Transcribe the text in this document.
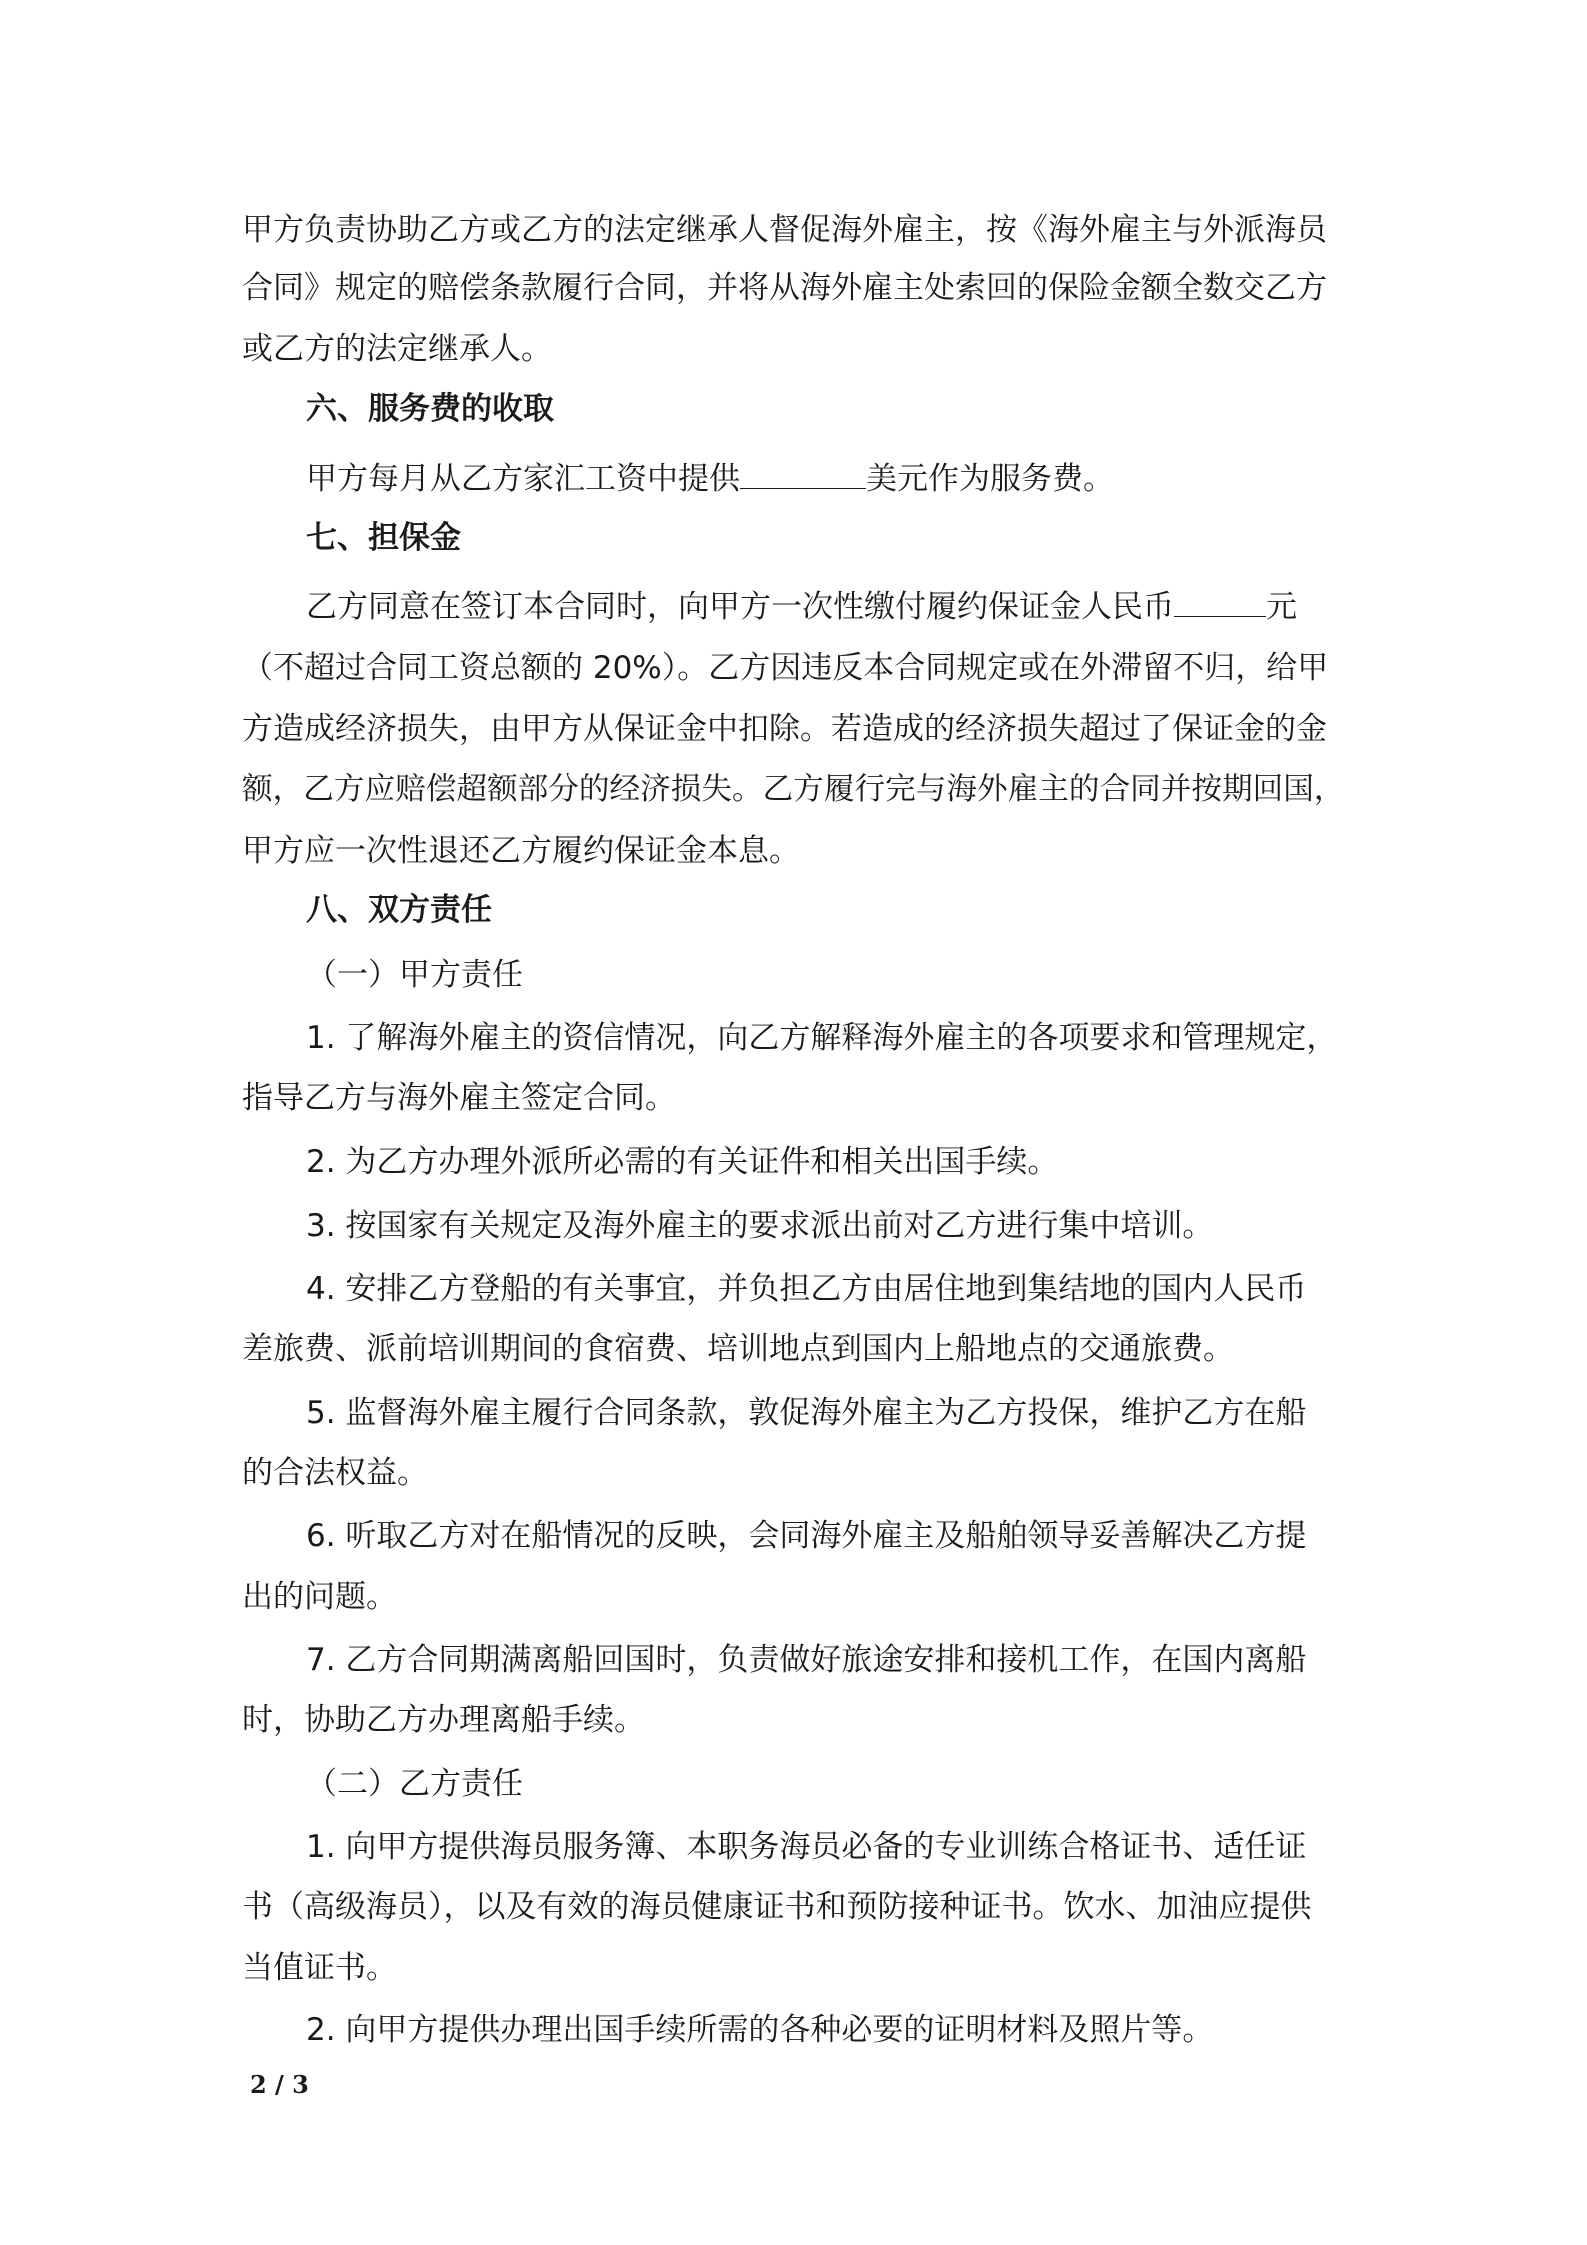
甲方负责协助乙方或乙方的法定继承人督促海外雇主，按《海外雇主与外派海员
合同》规定的赔偿条款履行合同，并将从海外雇主处索回的保险金额全数交乙方
或乙方的法定继承人。
六、服务费的收取
甲方每月从乙方家汇工资中提供	美元作为服务费。
七、担保金
乙方同意在签订本合同时，向甲方一次性缴付履约保证金人民币	元
（不超过合同工资总额的 20%）。乙方因违反本合同规定或在外滞留不归，给甲
方造成经济损失，由甲方从保证金中扣除。若造成的经济损失超过了保证金的金
额，乙方应赔偿超额部分的经济损失。乙方履行完与海外雇主的合同并按期回国，
甲方应一次性退还乙方履约保证金本息。
八、双方责任
（一）甲方责任
1. 了解海外雇主的资信情况，向乙方解释海外雇主的各项要求和管理规定，
指导乙方与海外雇主签定合同。
2. 为乙方办理外派所必需的有关证件和相关出国手续。
3. 按国家有关规定及海外雇主的要求派出前对乙方进行集中培训。
4. 安排乙方登船的有关事宜，并负担乙方由居住地到集结地的国内人民币
差旅费、派前培训期间的食宿费、培训地点到国内上船地点的交通旅费。
5. 监督海外雇主履行合同条款，敦促海外雇主为乙方投保，维护乙方在船
的合法权益。
6. 听取乙方对在船情况的反映，会同海外雇主及船舶领导妥善解决乙方提
出的问题。
7. 乙方合同期满离船回国时，负责做好旅途安排和接机工作，在国内离船
时，协助乙方办理离船手续。
（二）乙方责任
1. 向甲方提供海员服务簿、本职务海员必备的专业训练合格证书、适任证
书（高级海员），以及有效的海员健康证书和预防接种证书。饮水、加油应提供
当值证书。
2. 向甲方提供办理出国手续所需的各种必要的证明材料及照片等。
2 / 3
